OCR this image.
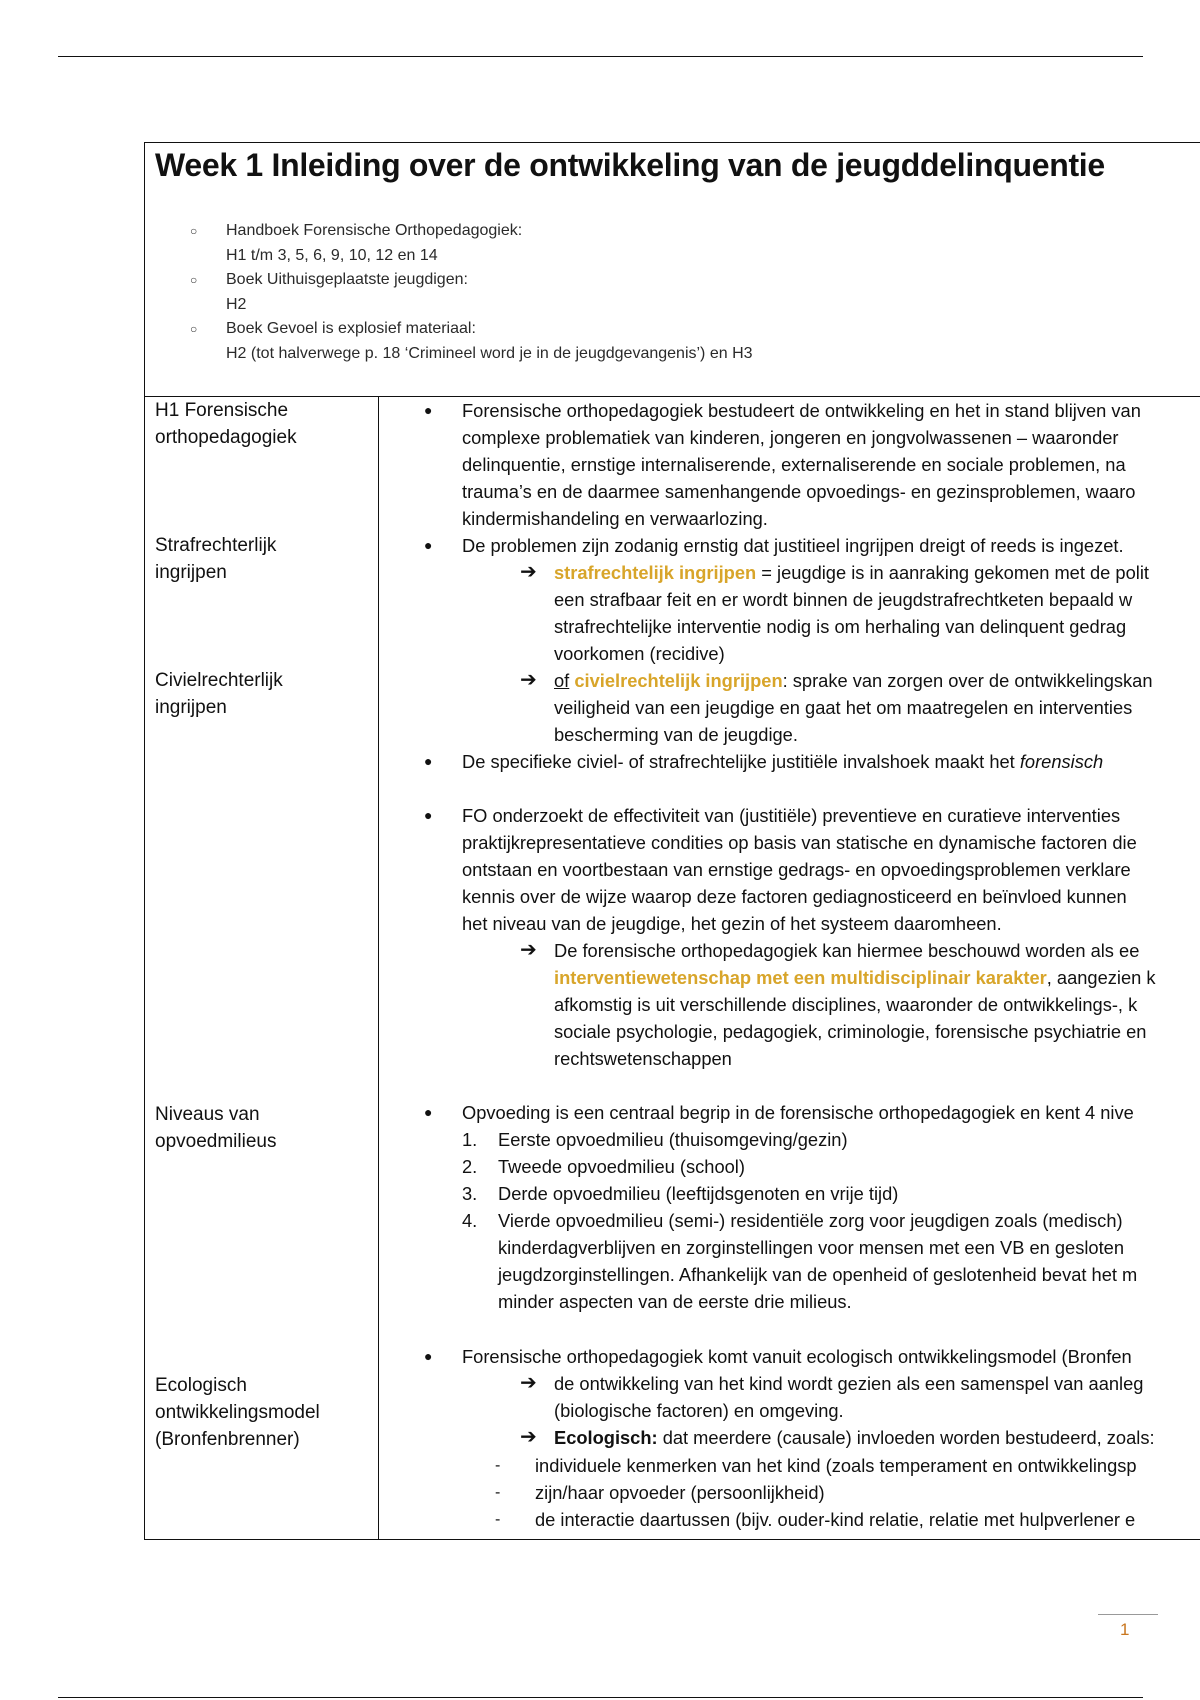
Week 1 Inleiding over de ontwikkeling van de jeugddelinquentie
○ Handboek Forensische Orthopedagogiek:
H1 t/m 3, 5, 6, 9, 10, 12 en 14
○ Boek Uithuisgeplaatste jeugdigen:
H2
○ Boek Gevoel is explosief materiaal:
H2 (tot halverwege p. 18 ‘Crimineel word je in de jeugdgevangenis’) en H3
H1 Forensische
orthopedagogiek
Strafrechterlijk
ingrijpen
Civielrechterlijk
ingrijpen
Niveaus van
opvoedmilieus
Ecologisch
ontwikkelingsmodel
(Bronfenbrenner)
● Forensische orthopedagogiek bestudeert de ontwikkeling en het in stand blijven van
complexe problematiek van kinderen, jongeren en jongvolwassenen – waaronder
delinquentie, ernstige internaliserende, externaliserende en sociale problemen, na
trauma’s en de daarmee samenhangende opvoedings- en gezinsproblemen, waaro
kindermishandeling en verwaarlozing.
● De problemen zijn zodanig ernstig dat justitieel ingrijpen dreigt of reeds is ingezet.
➔ strafrechtelijk ingrijpen = jeugdige is in aanraking gekomen met de polit
een strafbaar feit en er wordt binnen de jeugdstrafrechtketen bepaald w
strafrechtelijke interventie nodig is om herhaling van delinquent gedrag
voorkomen (recidive)
➔ of civielrechtelijk ingrijpen: sprake van zorgen over de ontwikkelingskan
veiligheid van een jeugdige en gaat het om maatregelen en interventies
bescherming van de jeugdige.
● De specifieke civiel- of strafrechtelijke justitiële invalshoek maakt het forensisch
● FO onderzoekt de effectiviteit van (justitiële) preventieve en curatieve interventies
praktijkrepresentatieve condities op basis van statische en dynamische factoren die
ontstaan en voortbestaan van ernstige gedrags- en opvoedingsproblemen verklare
kennis over de wijze waarop deze factoren gediagnosticeerd en beïnvloed kunnen
het niveau van de jeugdige, het gezin of het systeem daaromheen.
➔ De forensische orthopedagogiek kan hiermee beschouwd worden als ee
interventiewetenschap met een multidisciplinair karakter, aangezien k
afkomstig is uit verschillende disciplines, waaronder de ontwikkelings-, k
sociale psychologie, pedagogiek, criminologie, forensische psychiatrie en
rechtswetenschappen
● Opvoeding is een centraal begrip in de forensische orthopedagogiek en kent 4 nive
1. Eerste opvoedmilieu (thuisomgeving/gezin)
2. Tweede opvoedmilieu (school)
3. Derde opvoedmilieu (leeftijdsgenoten en vrije tijd)
4. Vierde opvoedmilieu (semi-) residentiële zorg voor jeugdigen zoals (medisch)
kinderdagverblijven en zorginstellingen voor mensen met een VB en gesloten
jeugdzorginstellingen. Afhankelijk van de openheid of geslotenheid bevat het m
minder aspecten van de eerste drie milieus.
● Forensische orthopedagogiek komt vanuit ecologisch ontwikkelingsmodel (Bronfen
➔ de ontwikkeling van het kind wordt gezien als een samenspel van aanleg
(biologische factoren) en omgeving.
➔ Ecologisch: dat meerdere (causale) invloeden worden bestudeerd, zoals:
- individuele kenmerken van het kind (zoals temperament en ontwikkelingsp
- zijn/haar opvoeder (persoonlijkheid)
- de interactie daartussen (bijv. ouder-kind relatie, relatie met hulpverlener e
1
